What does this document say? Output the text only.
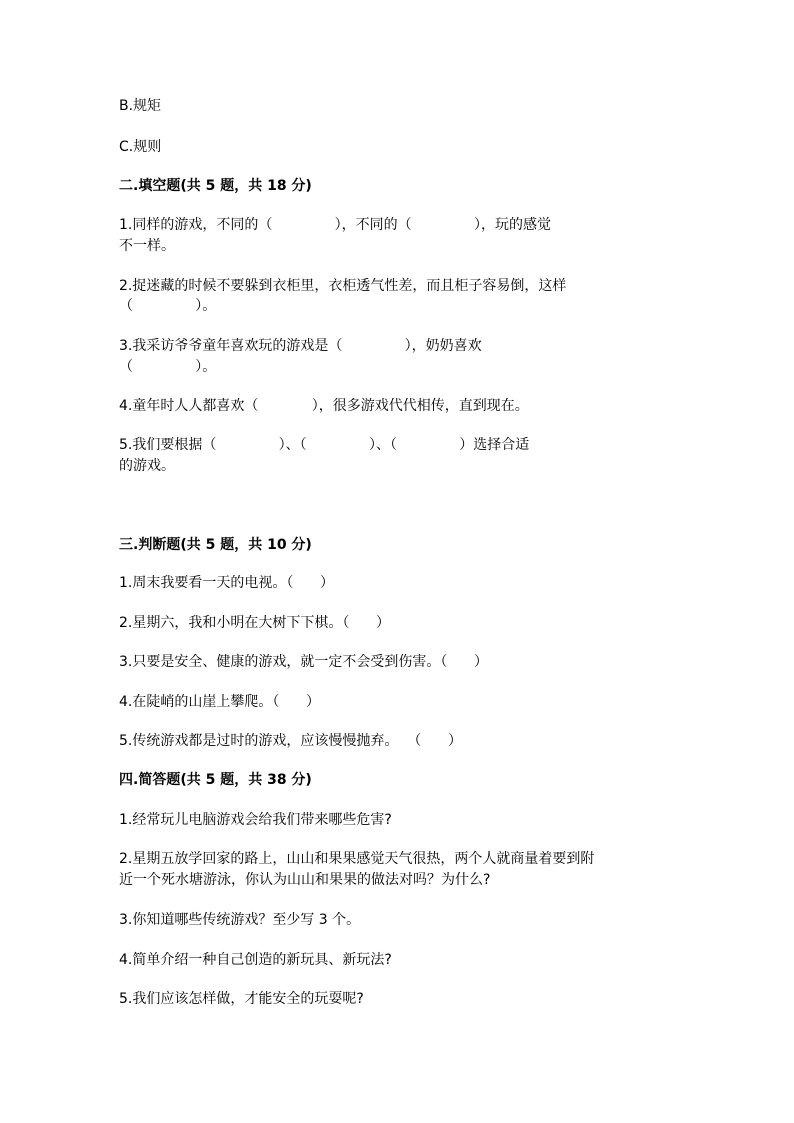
B.规矩
C.规则
二.填空题(共 5 题，共 18 分)
1.同样的游戏，不同的（              ），不同的（              ），玩的感觉
不一样。
2.捉迷藏的时候不要躲到衣柜里，衣柜透气性差，而且柜子容易倒，这样
（              ）。
3.我采访爷爷童年喜欢玩的游戏是（              ），奶奶喜欢
（              ）。
4.童年时人人都喜欢（            ），很多游戏代代相传，直到现在。
5.我们要根据（              ）、（              ）、（              ）选择合适
的游戏。
三.判断题(共 5 题，共 10 分)
1.周末我要看一天的电视。（      ）
2.星期六，我和小明在大树下下棋。（      ）
3.只要是安全、健康的游戏，就一定不会受到伤害。（      ）
4.在陡峭的山崖上攀爬。（      ）
5.传统游戏都是过时的游戏，应该慢慢抛弃。  （      ）
四.简答题(共 5 题，共 38 分)
1.经常玩儿电脑游戏会给我们带来哪些危害?
2.星期五放学回家的路上，山山和果果感觉天气很热，两个人就商量着要到附
近一个死水塘游泳，你认为山山和果果的做法对吗？为什么?
3.你知道哪些传统游戏？至少写 3 个。
4.简单介绍一种自己创造的新玩具、新玩法?
5.我们应该怎样做，才能安全的玩耍呢?
